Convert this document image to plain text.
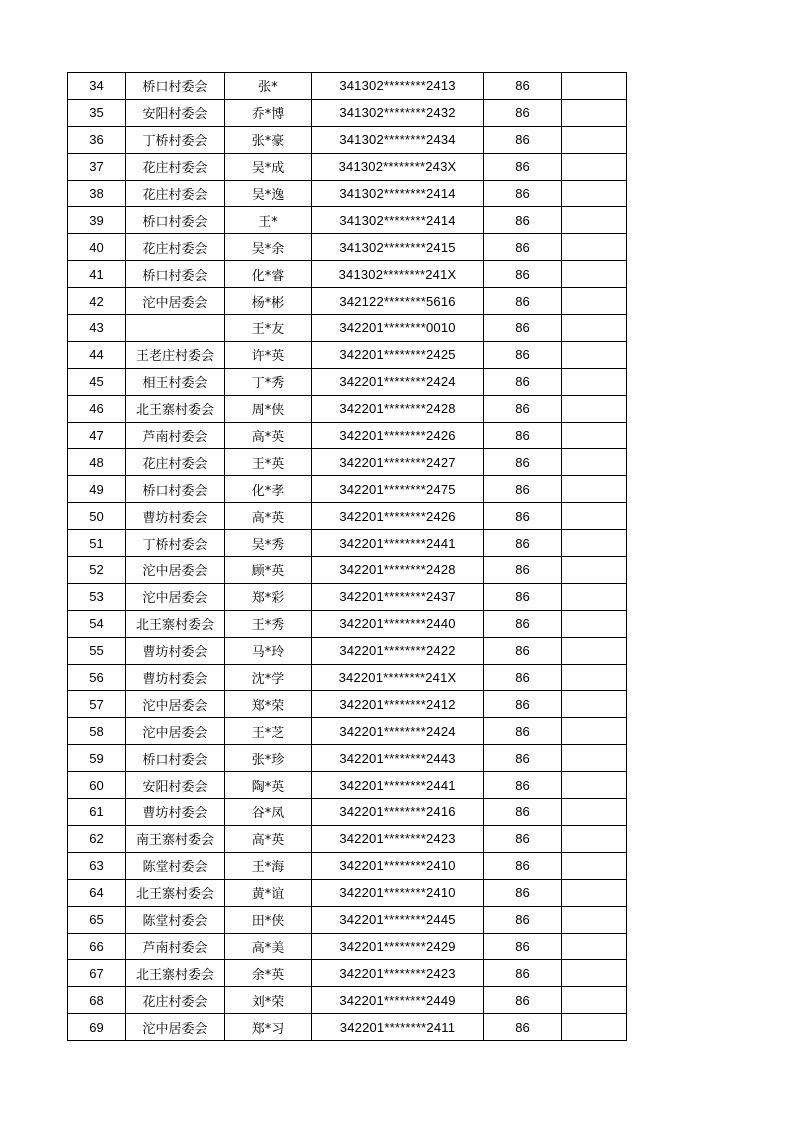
34	桥口村委会	张*	341302********2413	86	
35	安阳村委会	乔*博	341302********2432	86	
36	丁桥村委会	张*豪	341302********2434	86	
37	花庄村委会	吴*成	341302********243X	86	
38	花庄村委会	吴*逸	341302********2414	86	
39	桥口村委会	王*	341302********2414	86	
40	花庄村委会	吴*余	341302********2415	86	
41	桥口村委会	化*睿	341302********241X	86	
42	沱中居委会	杨*彬	342122********5616	86	
43		王*友	342201********0010	86	
44	王老庄村委会	许*英	342201********2425	86	
45	相王村委会	丁*秀	342201********2424	86	
46	北王寨村委会	周*侠	342201********2428	86	
47	芦南村委会	高*英	342201********2426	86	
48	花庄村委会	王*英	342201********2427	86	
49	桥口村委会	化*孝	342201********2475	86	
50	曹坊村委会	高*英	342201********2426	86	
51	丁桥村委会	吴*秀	342201********2441	86	
52	沱中居委会	顾*英	342201********2428	86	
53	沱中居委会	郑*彩	342201********2437	86	
54	北王寨村委会	王*秀	342201********2440	86	
55	曹坊村委会	马*玲	342201********2422	86	
56	曹坊村委会	沈*学	342201********241X	86	
57	沱中居委会	郑*荣	342201********2412	86	
58	沱中居委会	王*芝	342201********2424	86	
59	桥口村委会	张*珍	342201********2443	86	
60	安阳村委会	陶*英	342201********2441	86	
61	曹坊村委会	谷*凤	342201********2416	86	
62	南王寨村委会	高*英	342201********2423	86	
63	陈堂村委会	王*海	342201********2410	86	
64	北王寨村委会	黄*谊	342201********2410	86	
65	陈堂村委会	田*侠	342201********2445	86	
66	芦南村委会	高*美	342201********2429	86	
67	北王寨村委会	余*英	342201********2423	86	
68	花庄村委会	刘*荣	342201********2449	86	
69	沱中居委会	郑*习	342201********2411	86	
